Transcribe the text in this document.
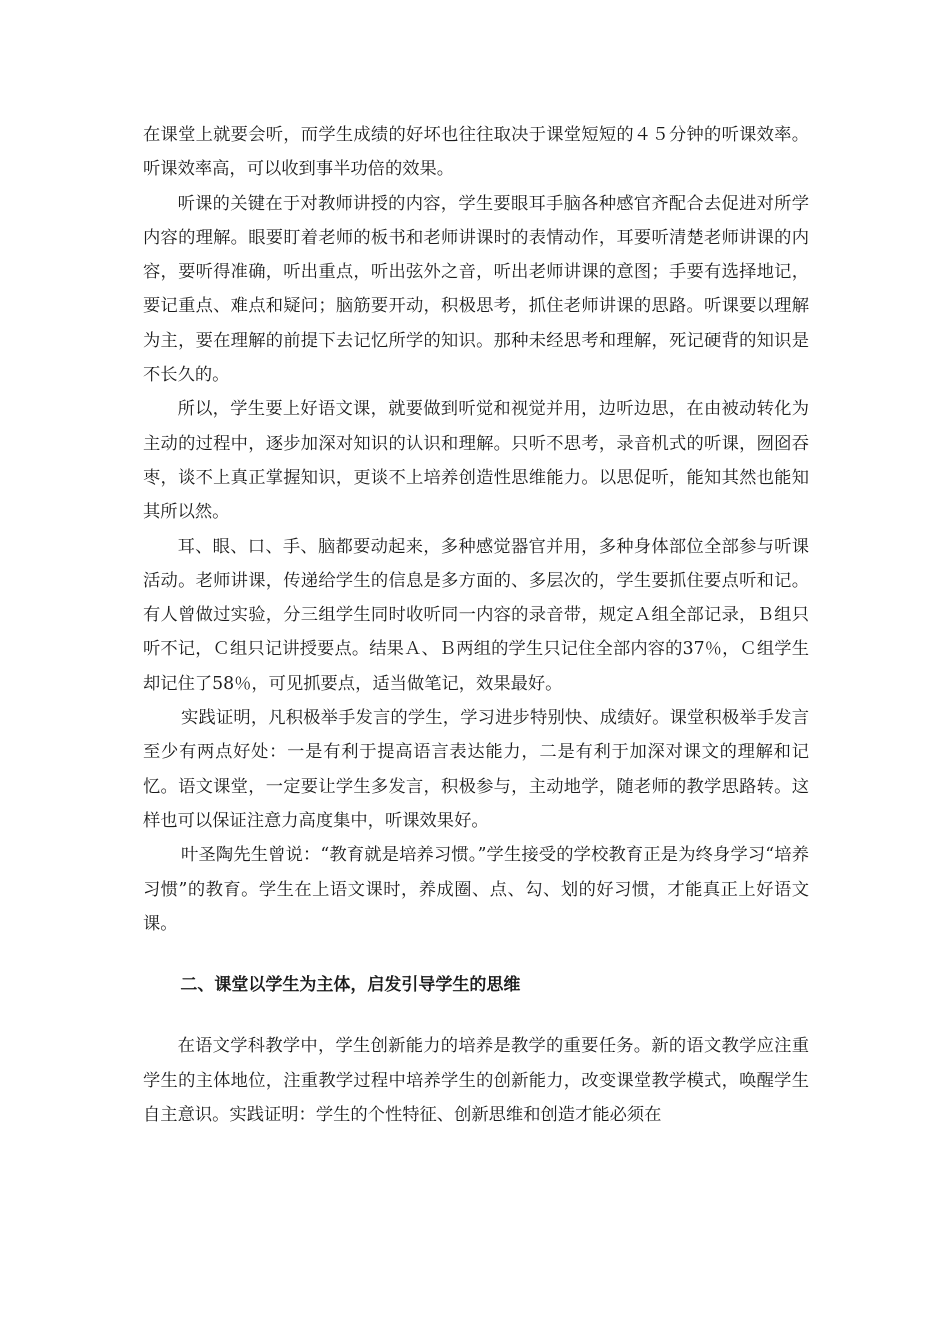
在课堂上就要会听，而学生成绩的好坏也往往取决于课堂短短的４５分钟的听课效率。听课效率高，可以收到事半功倍的效果。

听课的关键在于对教师讲授的内容，学生要眼耳手脑各种感官齐配合去促进对所学内容的理解。眼要盯着老师的板书和老师讲课时的表情动作，耳要听清楚老师讲课的内容，要听得准确，听出重点，听出弦外之音，听出老师讲课的意图；手要有选择地记，要记重点、难点和疑问；脑筋要开动，积极思考，抓住老师讲课的思路。听课要以理解为主，要在理解的前提下去记忆所学的知识。那种未经思考和理解，死记硬背的知识是不长久的。

所以，学生要上好语文课，就要做到听觉和视觉并用，边听边思，在由被动转化为主动的过程中，逐步加深对知识的认识和理解。只听不思考，录音机式的听课，囫囵吞枣，谈不上真正掌握知识，更谈不上培养创造性思维能力。以思促听，能知其然也能知其所以然。

耳、眼、口、手、脑都要动起来，多种感觉器官并用，多种身体部位全部参与听课活动。老师讲课，传递给学生的信息是多方面的、多层次的，学生要抓住要点听和记。有人曾做过实验，分三组学生同时收听同一内容的录音带，规定Ａ组全部记录，Ｂ组只听不记，Ｃ组只记讲授要点。结果Ａ、Ｂ两组的学生只记住全部内容的37％，Ｃ组学生却记住了58％，可见抓要点，适当做笔记，效果最好。

实践证明，凡积极举手发言的学生，学习进步特别快、成绩好。课堂积极举手发言至少有两点好处：一是有利于提高语言表达能力，二是有利于加深对课文的理解和记忆。语文课堂，一定要让学生多发言，积极参与，主动地学，随老师的教学思路转。这样也可以保证注意力高度集中，听课效果好。

叶圣陶先生曾说：“教育就是培养习惯。”学生接受的学校教育正是为终身学习“培养习惯”的教育。学生在上语文课时，养成圈、点、勾、划的好习惯，才能真正上好语文课。

二、课堂以学生为主体，启发引导学生的思维

在语文学科教学中，学生创新能力的培养是教学的重要任务。新的语文教学应注重学生的主体地位，注重教学过程中培养学生的创新能力，改变课堂教学模式，唤醒学生自主意识。实践证明：学生的个性特征、创新思维和创造才能必须在
